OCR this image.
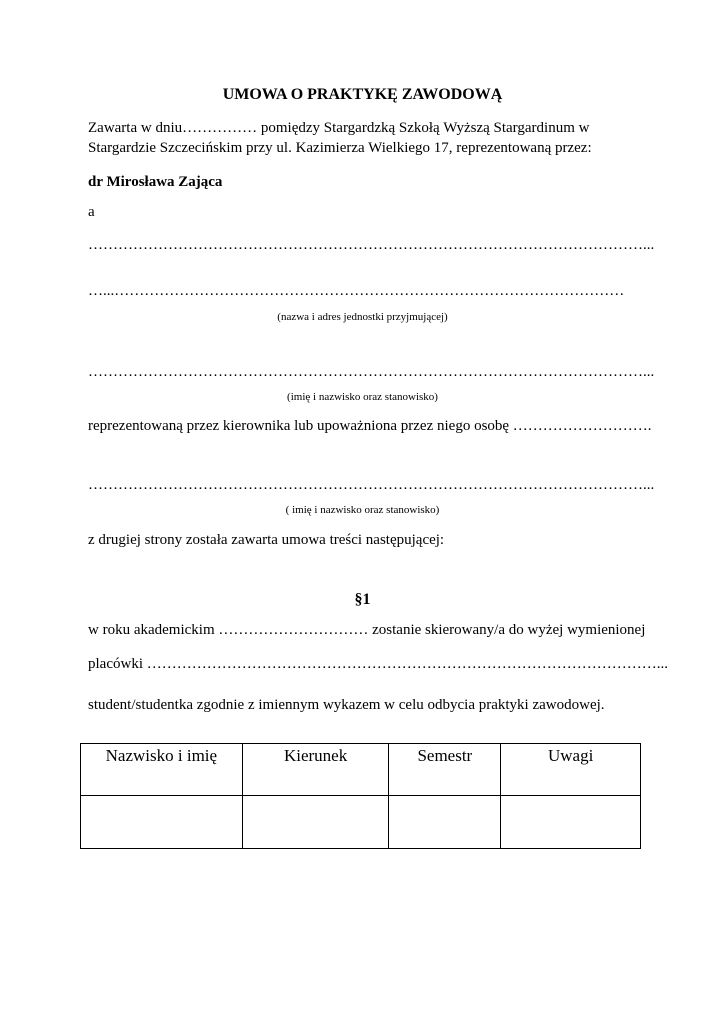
UMOWA O PRAKTYKĘ ZAWODOWĄ
Zawarta w dniu…………… pomiędzy Stargardzką Szkołą Wyższą Stargardinum w
Stargardzie Szczecińskim przy ul. Kazimierza Wielkiego 17, reprezentowaną przez:
dr Mirosława Zająca
a
…………………………………………………………………………………………………...
…...…………………………………………………………………………………………
(nazwa i adres jednostki przyjmującej)
…………………………………………………………………………………………………...
(imię i nazwisko oraz stanowisko)
reprezentowaną przez kierownika lub upoważniona przez niego osobę ……………………….
…………………………………………………………………………………………………...
( imię i nazwisko oraz stanowisko)
z drugiej strony została zawarta umowa treści następującej:
§1
w roku akademickim ………………………… zostanie skierowany/a do wyżej wymienionej
placówki …………………………………………………………………………………………...
student/studentka zgodnie z imiennym wykazem w celu odbycia praktyki zawodowej.
Nazwisko i imię	Kierunek	Semestr	Uwagi
